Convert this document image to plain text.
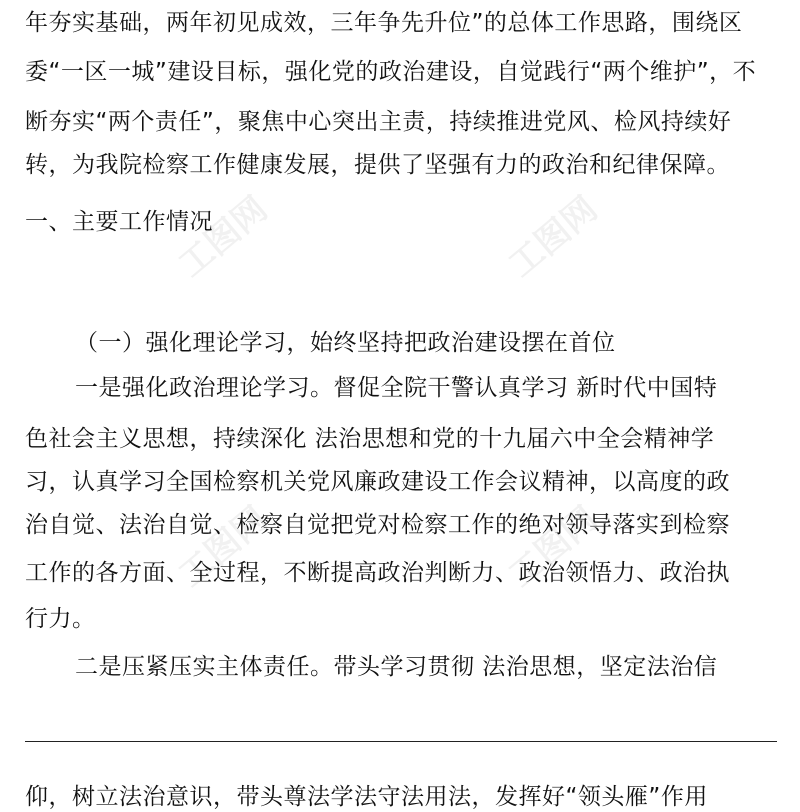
工图网	工图网
工图网	工图网
年夯实基础，两年初见成效，三年争先升位”的总体工作思路，围绕区
委“一区一城”建设目标，强化党的政治建设，自觉践行“两个维护”，不
断夯实“两个责任”，聚焦中心突出主责，持续推进党风、检风持续好
转，为我院检察工作健康发展，提供了坚强有力的政治和纪律保障。
一、主要工作情况
（一）强化理论学习，始终坚持把政治建设摆在首位
一是强化政治理论学习。督促全院干警认真学习 新时代中国特
色社会主义思想，持续深化 法治思想和党的十九届六中全会精神学
习，认真学习全国检察机关党风廉政建设工作会议精神，以高度的政
治自觉、法治自觉、检察自觉把党对检察工作的绝对领导落实到检察
工作的各方面、全过程，不断提高政治判断力、政治领悟力、政治执
行力。
二是压紧压实主体责任。带头学习贯彻 法治思想，坚定法治信
仰，树立法治意识，带头尊法学法守法用法，发挥好“领头雁”作用
